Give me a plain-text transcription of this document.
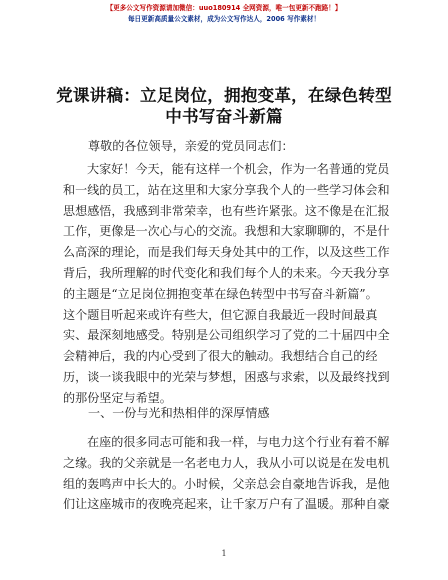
【更多公文写作资源请加微信：uuo180914 全网资源，唯一包更新不跑路！】
每日更新高质量公文素材，成为公文写作达人，2006 写作素材！
党课讲稿：立足岗位，拥抱变革，在绿色转型
中书写奋斗新篇
尊敬的各位领导，亲爱的党员同志们：
大家好！今天，能有这样一个机会，作为一名普通的党员
和一线的员工，站在这里和大家分享我个人的一些学习体会和
思想感悟，我感到非常荣幸，也有些许紧张。这不像是在汇报
工作，更像是一次心与心的交流。我想和大家聊聊的，不是什
么高深的理论，而是我们每天身处其中的工作，以及这些工作
背后，我所理解的时代变化和我们每个人的未来。今天我分享
的主题是“立足岗位拥抱变革在绿色转型中书写奋斗新篇”。
这个题目听起来或许有些大，但它源自我最近一段时间最真
实、最深刻地感受。特别是公司组织学习了党的二十届四中全
会精神后，我的内心受到了很大的触动。我想结合自己的经
历，谈一谈我眼中的光荣与梦想，困惑与求索，以及最终找到
的那份坚定与希望。
一、一份与光和热相伴的深厚情感
在座的很多同志可能和我一样，与电力这个行业有着不解
之缘。我的父亲就是一名老电力人，我从小可以说是在发电机
组的轰鸣声中长大的。小时候，父亲总会自豪地告诉我，是他
们让这座城市的夜晚亮起来，让千家万户有了温暖。那种自豪
1
